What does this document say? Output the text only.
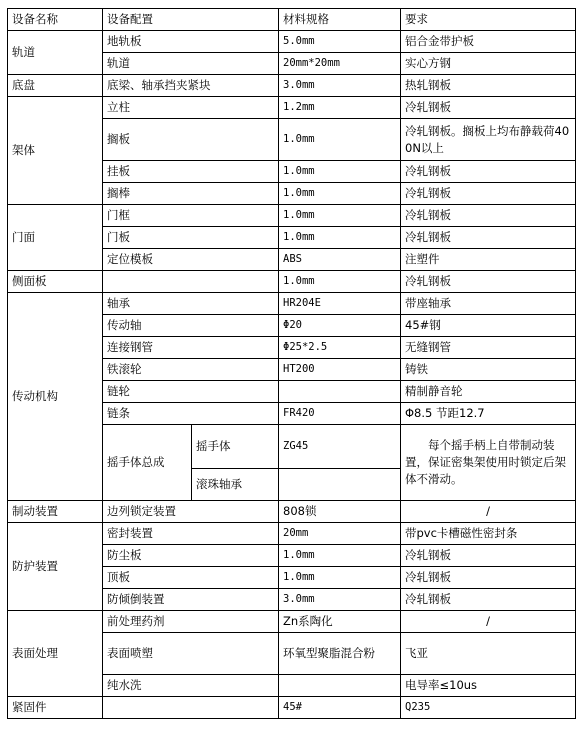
设备名称	设备配置		材料规格	要求
轨道	地轨板		5.0mm	铝合金带护板
	轨道		20mm*20mm	实心方钢
底盘	底梁、轴承挡夹紧块		3.0mm	热轧钢板
架体	立柱		1.2mm	冷轧钢板
	搁板		1.0mm	冷轧钢板。搁板上均布静载荷400N以上
	挂板		1.0mm	冷轧钢板
	搁棒		1.0mm	冷轧钢板
门面	门框		1.0mm	冷轧钢板
	门板		1.0mm	冷轧钢板
	定位模板		ABS	注塑件
侧面板			1.0mm	冷轧钢板
传动机构	轴承		HR204E	带座轴承
	传动轴		Φ20	45#钢
	连接钢管		Φ25*2.5	无缝钢管
	铁滚轮		HT200	铸铁
	链轮			精制静音轮
	链条		FR420	Φ8.5 节距12.7
	摇手体总成	摇手体	ZG45	　　每个摇手柄上自带制动装置，保证密集架使用时锁定后架体不滑动。
		滚珠轴承		
制动装置	边列锁定装置		808锁	/
防护装置	密封装置		20mm	带pvc卡槽磁性密封条
	防尘板		1.0mm	冷轧钢板
	顶板		1.0mm	冷轧钢板
	防倾倒装置		3.0mm	冷轧钢板
表面处理	前处理药剂		Zn系陶化	/
	表面喷塑		环氧型聚脂混合粉	飞亚
	纯水洗			电导率≤10us
紧固件			45#	Q235
